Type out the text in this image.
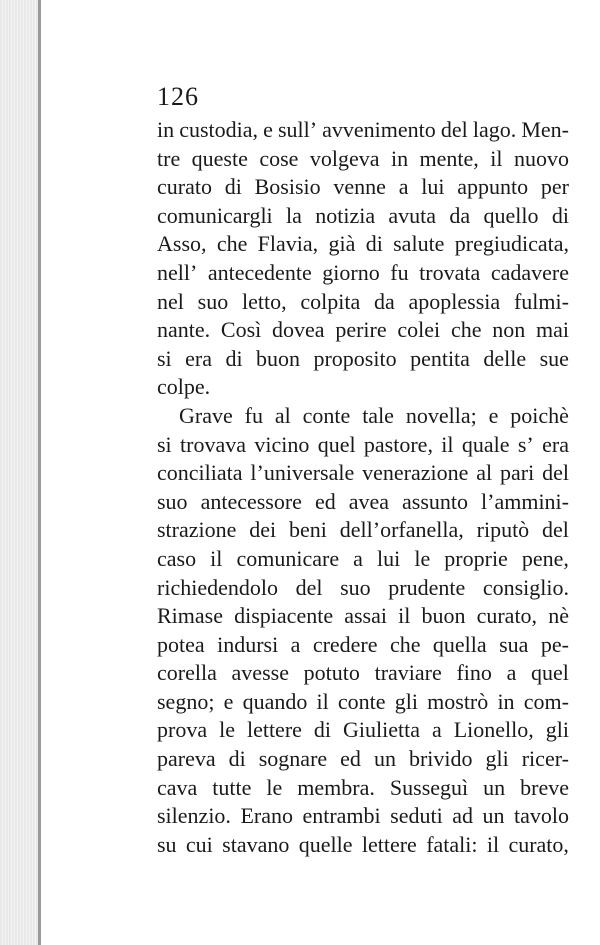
126
in custodia, e sull’ avvenimento del lago. Men-
tre queste cose volgeva in mente, il nuovo
curato di Bosisio venne a lui appunto per
comunicargli la notizia avuta da quello di
Asso, che Flavia, già di salute pregiudicata,
nell’ antecedente giorno fu trovata cadavere
nel suo letto, colpita da apoplessia fulmi-
nante. Così dovea perire colei che non mai
si era di buon proposito pentita delle sue
colpe.
Grave fu al conte tale novella; e poichè
si trovava vicino quel pastore, il quale s’ era
conciliata l’universale venerazione al pari del
suo antecessore ed avea assunto l’ammini-
strazione dei beni dell’orfanella, riputò del
caso il comunicare a lui le proprie pene,
richiedendolo del suo prudente consiglio.
Rimase dispiacente assai il buon curato, nè
potea indursi a credere che quella sua pe-
corella avesse potuto traviare fino a quel
segno; e quando il conte gli mostrò in com-
prova le lettere di Giulietta a Lionello, gli
pareva di sognare ed un brivido gli ricer-
cava tutte le membra. Susseguì un breve
silenzio. Erano entrambi seduti ad un tavolo
su cui stavano quelle lettere fatali: il curato,
